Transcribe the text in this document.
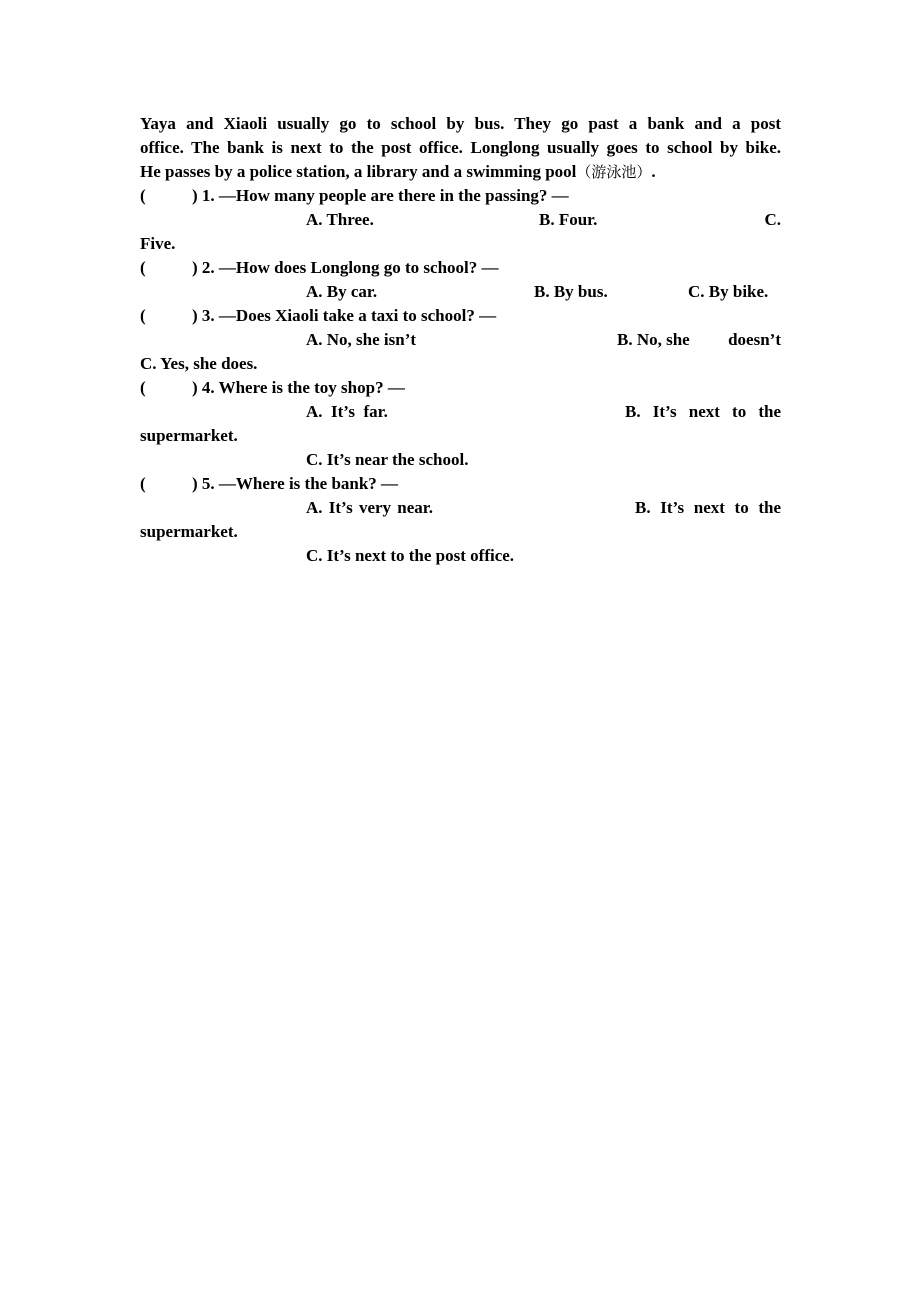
Yaya and Xiaoli usually go to school by bus. They go past a bank and a post
office. The bank is next to the post office. Longlong usually goes to school by bike.
He passes by a police station, a library and a swimming pool（游泳池）.
(	) 1. —How many people are there in the passing? —
A. Three.	B. Four.	C.
Five.
(	) 2. —How does Longlong go to school? —
A. By car.	B. By bus.	C. By bike.
(	) 3. —Does Xiaoli take a taxi to school? —
A. No, she isn’t	B. No, she	doesn’t
C. Yes, she does.
(	) 4. Where is the toy shop? —
A.  It’s  far.	B. It’s next to the
supermarket.
C. It’s near the school.
(	) 5. —Where is the bank? —
A. It’s very near.	B. It’s next to the
supermarket.
C. It’s next to the post office.
